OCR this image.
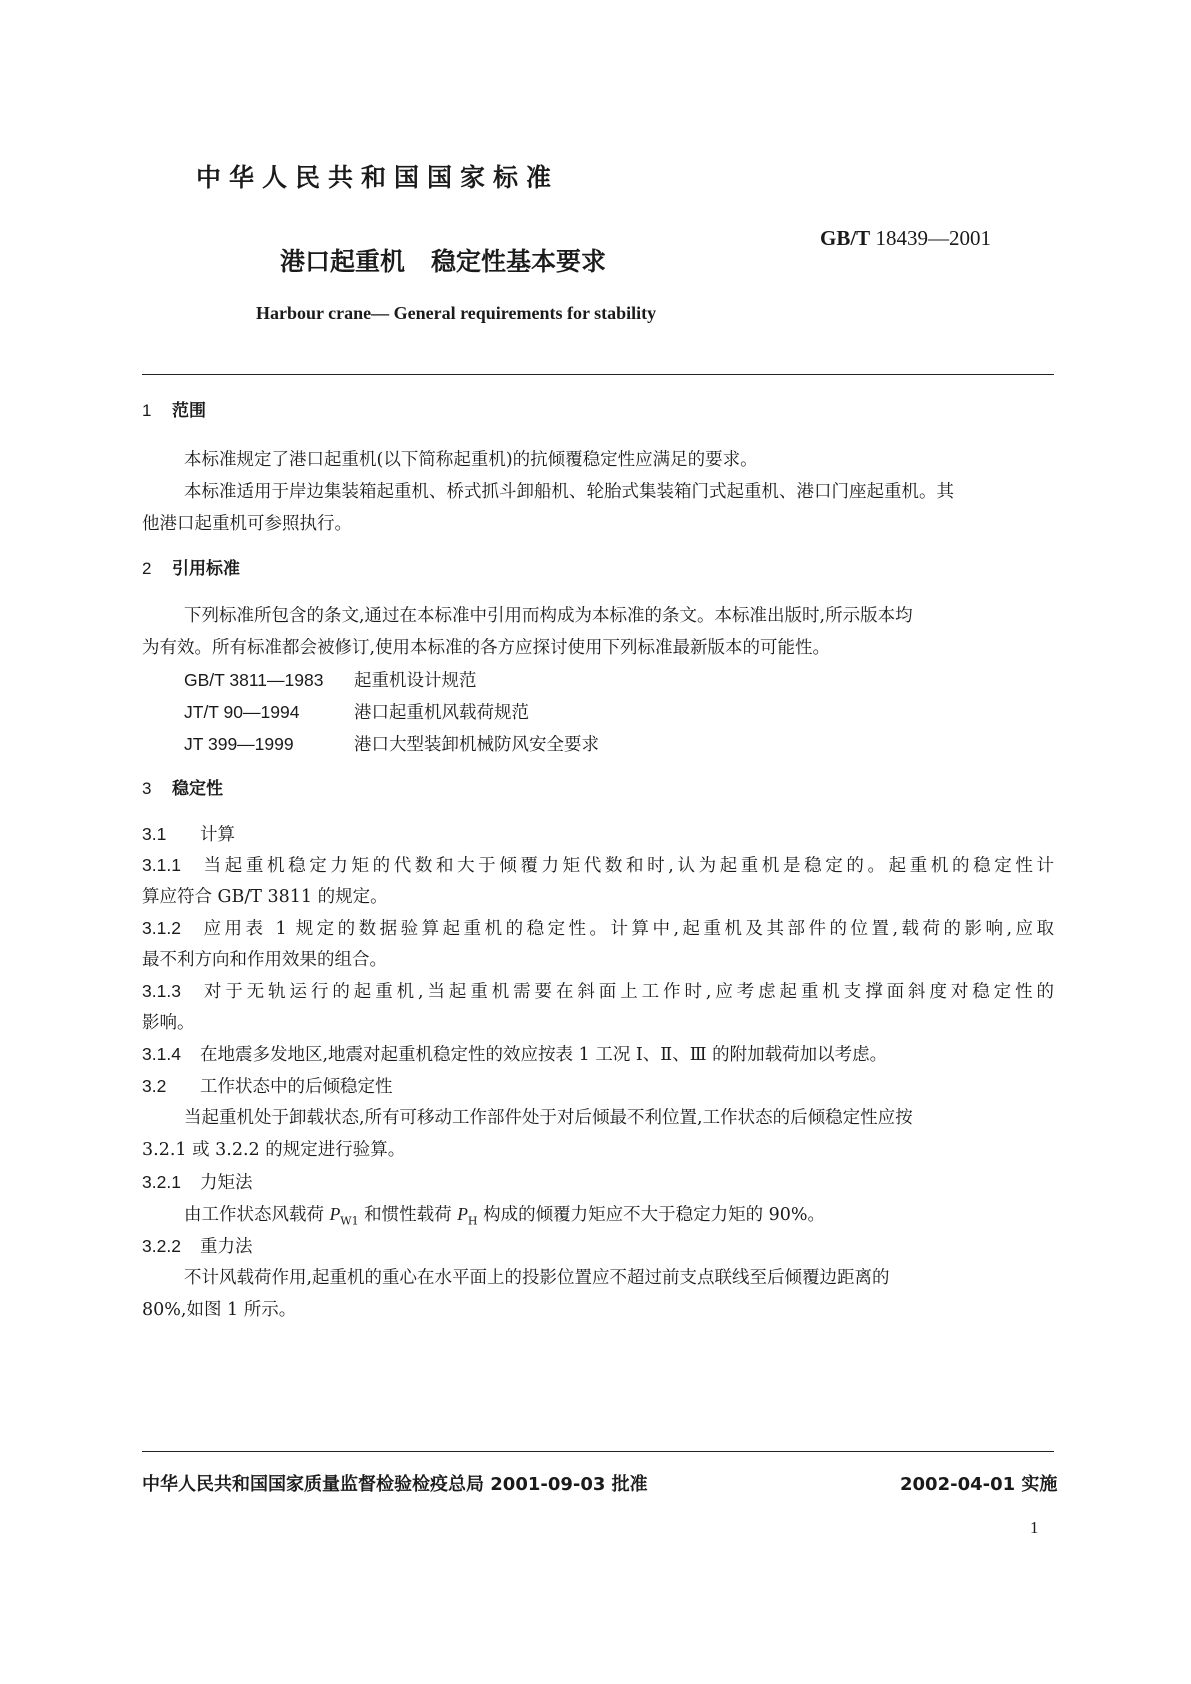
中华人民共和国国家标准
GB/T 18439—2001
港口起重机 稳定性基本要求
Harbour crane— General requirements for stability
1 范围
本标准规定了港口起重机(以下简称起重机)的抗倾覆稳定性应满足的要求。
本标准适用于岸边集装箱起重机、桥式抓斗卸船机、轮胎式集装箱门式起重机、港口门座起重机。其
他港口起重机可参照执行。
2 引用标准
下列标准所包含的条文,通过在本标准中引用而构成为本标准的条文。本标准出版时,所示版本均
为有效。所有标准都会被修订,使用本标准的各方应探讨使用下列标准最新版本的可能性。
GB/T 3811—1983 起重机设计规范
JT/T 90—1994	港口起重机风载荷规范
JT 399—1999	港口大型装卸机械防风安全要求
3 稳定性
3.1 计算
3.1.1 当起重机稳定力矩的代数和大于倾覆力矩代数和时,认为起重机是稳定的。起重机的稳定性计
算应符合 GB/T 3811 的规定。
3.1.2 应用表 1 规定的数据验算起重机的稳定性。计算中,起重机及其部件的位置,载荷的影响,应取
最不利方向和作用效果的组合。
3.1.3 对于无轨运行的起重机,当起重机需要在斜面上工作时,应考虑起重机支撑面斜度对稳定性的
影响。
3.1.4 在地震多发地区,地震对起重机稳定性的效应按表 1 工况 Ⅰ、Ⅱ、Ⅲ 的附加载荷加以考虑。
3.2 工作状态中的后倾稳定性
当起重机处于卸载状态,所有可移动工作部件处于对后倾最不利位置,工作状态的后倾稳定性应按
3.2.1 或 3.2.2 的规定进行验算。
3.2.1 力矩法
由工作状态风载荷 $P_{W1}$ 和惯性载荷 $P_H$ 构成的倾覆力矩应不大于稳定力矩的 90%。
3.2.2 重力法
不计风载荷作用,起重机的重心在水平面上的投影位置应不超过前支点联线至后倾覆边距离的
80%,如图 1 所示。
中华人民共和国国家质量监督检验检疫总局 2001-09-03 批准	2002-04-01 实施
1
